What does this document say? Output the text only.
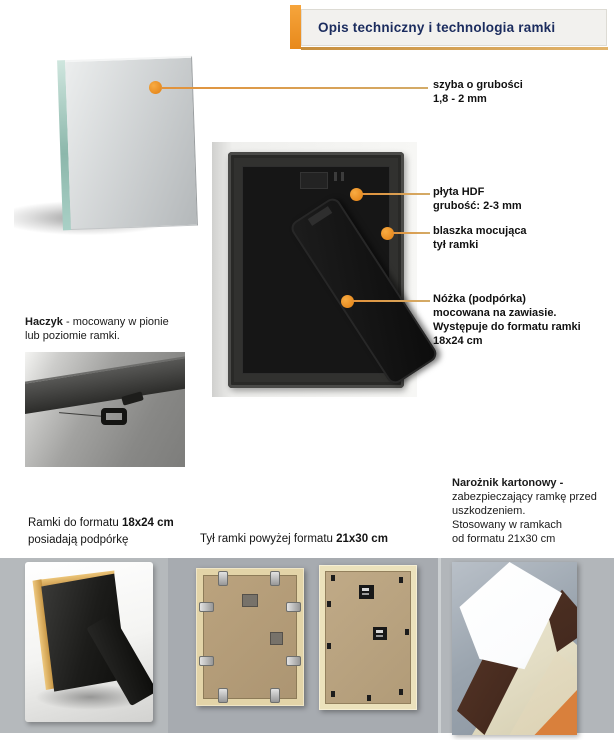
Opis techniczny i technologia ramki
szyba o grubości
1,8 - 2 mm
płyta HDF
grubość: 2-3 mm
blaszka mocująca
tył ramki
Nóżka (podpórka)
mocowana na zawiasie.
Występuje do formatu ramki
18x24 cm
Haczyk - mocowany w pionie
lub poziomie ramki.
Narożnik kartonowy -
zabezpieczający ramkę przed
uszkodzeniem.
Stosowany w ramkach
od formatu 21x30 cm
Ramki do formatu 18x24 cm
posiadają podpórkę	Tył ramki powyżej formatu 21x30 cm
